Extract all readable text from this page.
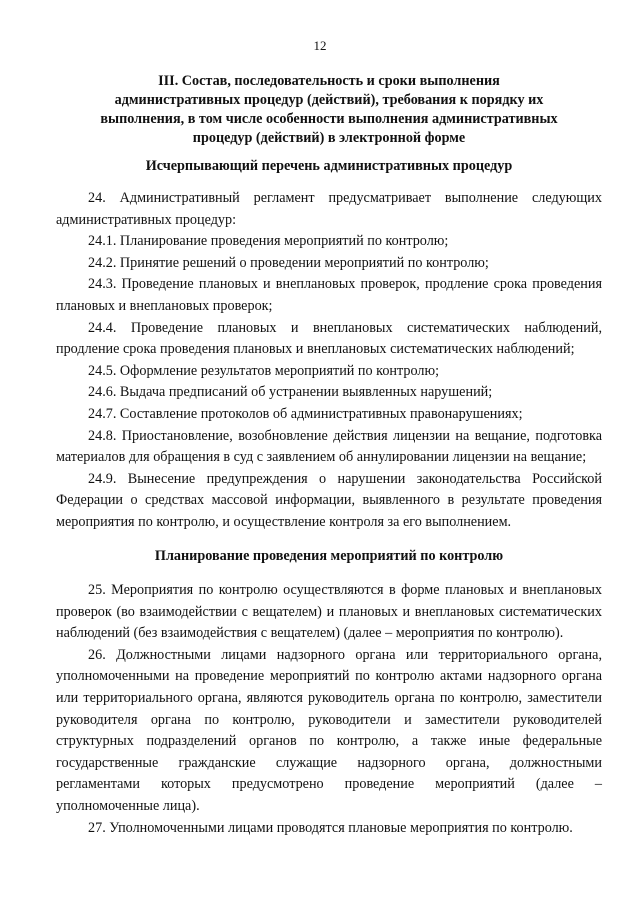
12
III. Состав, последовательность и сроки выполнения
административных процедур (действий), требования к порядку их
выполнения, в том числе особенности выполнения административных
процедур (действий) в электронной форме
Исчерпывающий перечень административных процедур

24. Административный регламент предусматривает выполнение следующих административных процедур:

24.1. Планирование проведения мероприятий по контролю;

24.2. Принятие решений о проведении мероприятий по контролю;

24.3. Проведение плановых и внеплановых проверок, продление срока проведения плановых и внеплановых проверок;

24.4. Проведение плановых и внеплановых систематических наблюдений, продление срока проведения плановых и внеплановых систематических наблюдений;

24.5. Оформление результатов мероприятий по контролю;

24.6. Выдача предписаний об устранении выявленных нарушений;

24.7. Составление протоколов об административных правонарушениях;

24.8. Приостановление, возобновление действия лицензии на вещание, подготовка материалов для обращения в суд с заявлением об аннулировании лицензии на вещание;

24.9. Вынесение предупреждения о нарушении законодательства Российской Федерации о средствах массовой информации, выявленного в результате проведения мероприятия по контролю, и осуществление контроля за его выполнением.

Планирование проведения мероприятий по контролю

25. Мероприятия по контролю осуществляются в форме плановых и внеплановых проверок (во взаимодействии с вещателем) и плановых и внеплановых систематических наблюдений (без взаимодействия с вещателем) (далее – мероприятия по контролю).

26. Должностными лицами надзорного органа или территориального органа, уполномоченными на проведение мероприятий по контролю актами надзорного органа или территориального органа, являются руководитель органа по контролю, заместители руководителя органа по контролю, руководители и заместители руководителей структурных подразделений органов по контролю, а также иные федеральные государственные гражданские служащие надзорного органа, должностными регламентами которых предусмотрено проведение мероприятий (далее – уполномоченные лица).

27. Уполномоченными лицами проводятся плановые мероприятия по контролю.
